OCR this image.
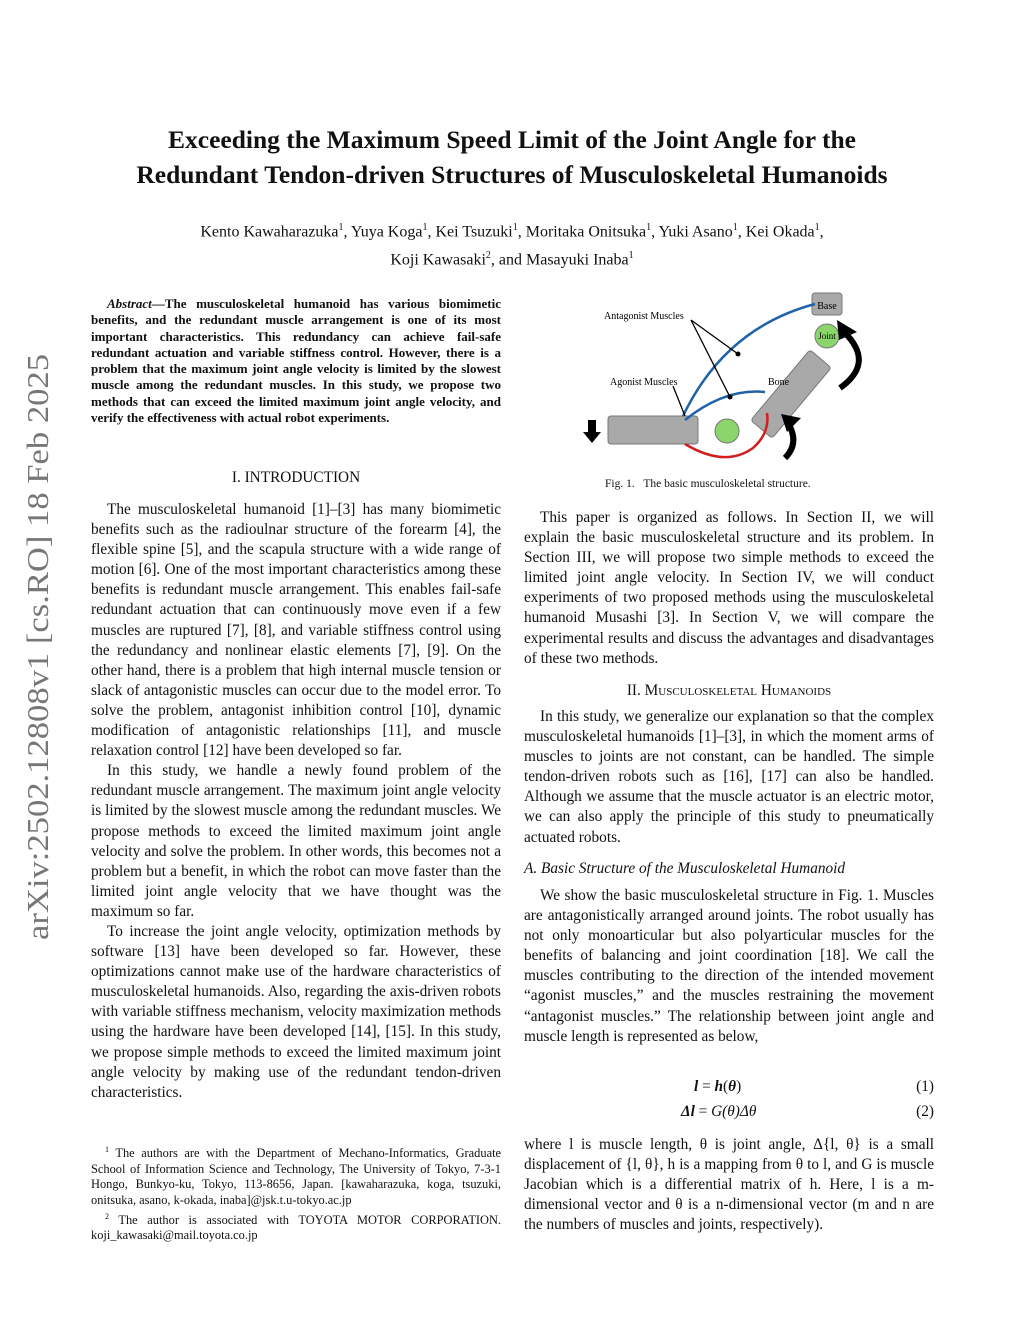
arXiv:2502.12808v1 [cs.RO] 18 Feb 2025
Exceeding the Maximum Speed Limit of the Joint Angle for the
Redundant Tendon-driven Structures of Musculoskeletal Humanoids
Kento Kawaharazuka$^1$, Yuya Koga$^1$, Kei Tsuzuki$^1$, Moritaka Onitsuka$^1$, Yuki Asano$^1$, Kei Okada$^1$,
Koji Kawasaki$^2$, and Masayuki Inaba$^1$
Abstract—The musculoskeletal humanoid has various biomimetic benefits, and the redundant muscle arrangement is one of its most important characteristics. This redundancy can achieve fail-safe redundant actuation and variable stiffness control. However, there is a problem that the maximum joint angle velocity is limited by the slowest muscle among the redundant muscles. In this study, we propose two methods that can exceed the limited maximum joint angle velocity, and verify the effectiveness with actual robot experiments.
I. INTRODUCTION

The musculoskeletal humanoid [1]–[3] has many biomimetic benefits such as the radioulnar structure of the forearm [4], the flexible spine [5], and the scapula structure with a wide range of motion [6]. One of the most important characteristics among these benefits is redundant muscle arrangement. This enables fail-safe redundant actuation that can continuously move even if a few muscles are ruptured [7], [8], and variable stiffness control using the redundancy and nonlinear elastic elements [7], [9]. On the other hand, there is a problem that high internal muscle tension or slack of antagonistic muscles can occur due to the model error. To solve the problem, antagonist inhibition control [10], dynamic modification of antagonistic relationships [11], and muscle relaxation control [12] have been developed so far.

In this study, we handle a newly found problem of the redundant muscle arrangement. The maximum joint angle velocity is limited by the slowest muscle among the redundant muscles. We propose methods to exceed the limited maximum joint angle velocity and solve the problem. In other words, this becomes not a problem but a benefit, in which the robot can move faster than the limited joint angle velocity that we have thought was the maximum so far.

To increase the joint angle velocity, optimization methods by software [13] have been developed so far. However, these optimizations cannot make use of the hardware characteristics of musculoskeletal humanoids. Also, regarding the axis-driven robots with variable stiffness mechanism, velocity maximization methods using the hardware have been developed [14], [15]. In this study, we propose simple methods to exceed the limited maximum joint angle velocity by making use of the redundant tendon-driven characteristics.

$^1$ The authors are with the Department of Mechano-Informatics, Graduate School of Information Science and Technology, The University of Tokyo, 7-3-1 Hongo, Bunkyo-ku, Tokyo, 113-8656, Japan. [kawaharazuka, koga, tsuzuki, onitsuka, asano, k-okada, inaba]@jsk.t.u-tokyo.ac.jp

$^2$ The author is associated with TOYOTA MOTOR CORPORATION. koji_kawasaki@mail.toyota.co.jp

Base
Joint
Antagonist Muscles
Agonist Muscles	Bone
Fig. 1. The basic musculoskeletal structure.

This paper is organized as follows. In Section II, we will explain the basic musculoskeletal structure and its problem. In Section III, we will propose two simple methods to exceed the limited joint angle velocity. In Section IV, we will conduct experiments of two proposed methods using the musculoskeletal humanoid Musashi [3]. In Section V, we will compare the experimental results and discuss the advantages and disadvantages of these two methods.

II. Musculoskeletal Humanoids

In this study, we generalize our explanation so that the complex musculoskeletal humanoids [1]–[3], in which the moment arms of muscles to joints are not constant, can be handled. The simple tendon-driven robots such as [16], [17] can also be handled. Although we assume that the muscle actuator is an electric motor, we can also apply the principle of this study to pneumatically actuated robots.

A. Basic Structure of the Musculoskeletal Humanoid

We show the basic musculoskeletal structure in Fig. 1. Muscles are antagonistically arranged around joints. The robot usually has not only monoarticular but also polyarticular muscles for the benefits of balancing and joint coordination [18]. We call the muscles contributing to the direction of the intended movement “agonist muscles,” and the muscles restraining the movement “antagonist muscles.” The relationship between joint angle and muscle length is represented as below,

l = h(θ)	(1)
Δl = G(θ)Δθ	(2)

where l is muscle length, θ is joint angle, Δ{l, θ} is a small displacement of {l, θ}, h is a mapping from θ to l, and G is muscle Jacobian which is a differential matrix of h. Here, l is a m-dimensional vector and θ is a n-dimensional vector (m and n are the numbers of muscles and joints, respectively).
